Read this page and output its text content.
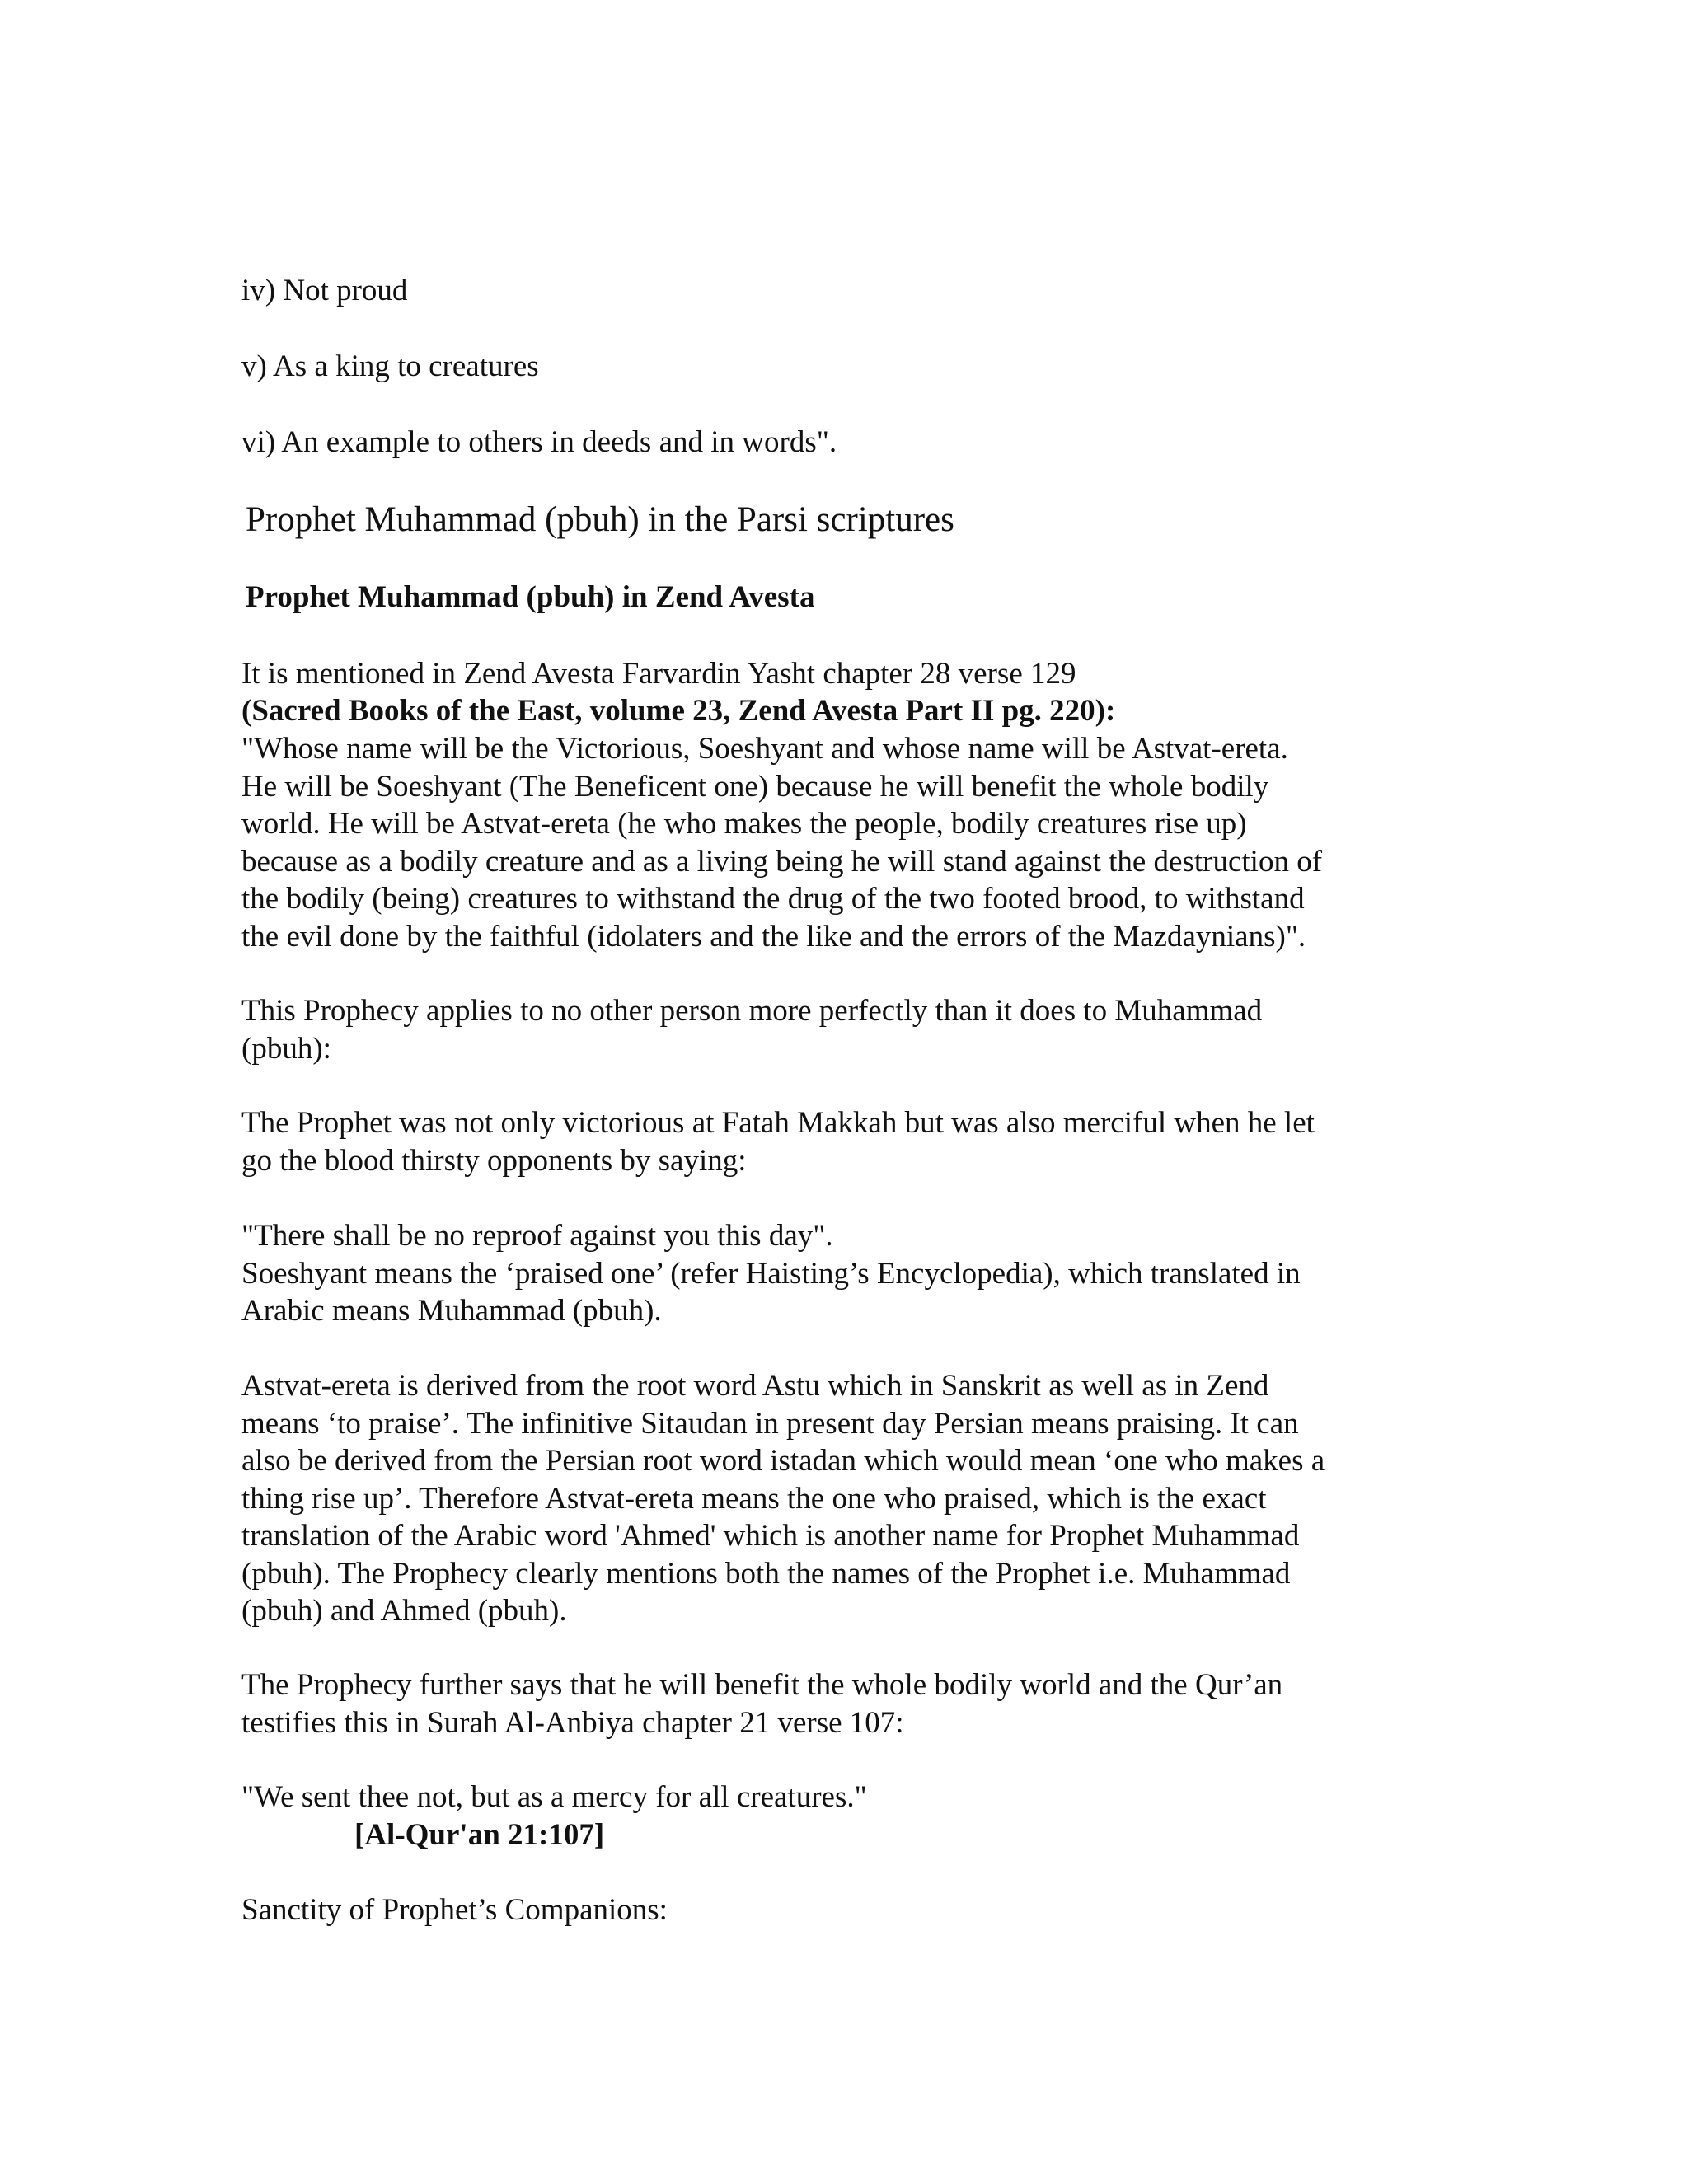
iv) Not proud

v) As a king to creatures

vi) An example to others in deeds and in words".

Prophet Muhammad (pbuh) in the Parsi scriptures
Prophet Muhammad (pbuh) in Zend Avesta

It is mentioned in Zend Avesta Farvardin Yasht chapter 28 verse 129

(Sacred Books of the East, volume 23, Zend Avesta Part II pg. 220):

"Whose name will be the Victorious, Soeshyant and whose name will be Astvat-ereta.
He will be Soeshyant (The Beneficent one) because he will benefit the whole bodily
world. He will be Astvat-ereta (he who makes the people, bodily creatures rise up)
because as a bodily creature and as a living being he will stand against the destruction of
the bodily (being) creatures to withstand the drug of the two footed brood, to withstand
the evil done by the faithful (idolaters and the like and the errors of the Mazdaynians)".
This Prophecy applies to no other person more perfectly than it does to Muhammad
(pbuh):
The Prophet was not only victorious at Fatah Makkah but was also merciful when he let
go the blood thirsty opponents by saying:
"There shall be no reproof against you this day".
Soeshyant means the ‘praised one’ (refer Haisting’s Encyclopedia), which translated in
Arabic means Muhammad (pbuh).
Astvat-ereta is derived from the root word Astu which in Sanskrit as well as in Zend
means ‘to praise’. The infinitive Sitaudan in present day Persian means praising. It can
also be derived from the Persian root word istadan which would mean ‘one who makes a
thing rise up’. Therefore Astvat-ereta means the one who praised, which is the exact
translation of the Arabic word 'Ahmed' which is another name for Prophet Muhammad
(pbuh). The Prophecy clearly mentions both the names of the Prophet i.e. Muhammad
(pbuh) and Ahmed (pbuh).
The Prophecy further says that he will benefit the whole bodily world and the Qur’an
testifies this in Surah Al-Anbiya chapter 21 verse 107:

"We sent thee not, but as a mercy for all creatures."

[Al-Qur'an 21:107]

Sanctity of Prophet’s Companions:
